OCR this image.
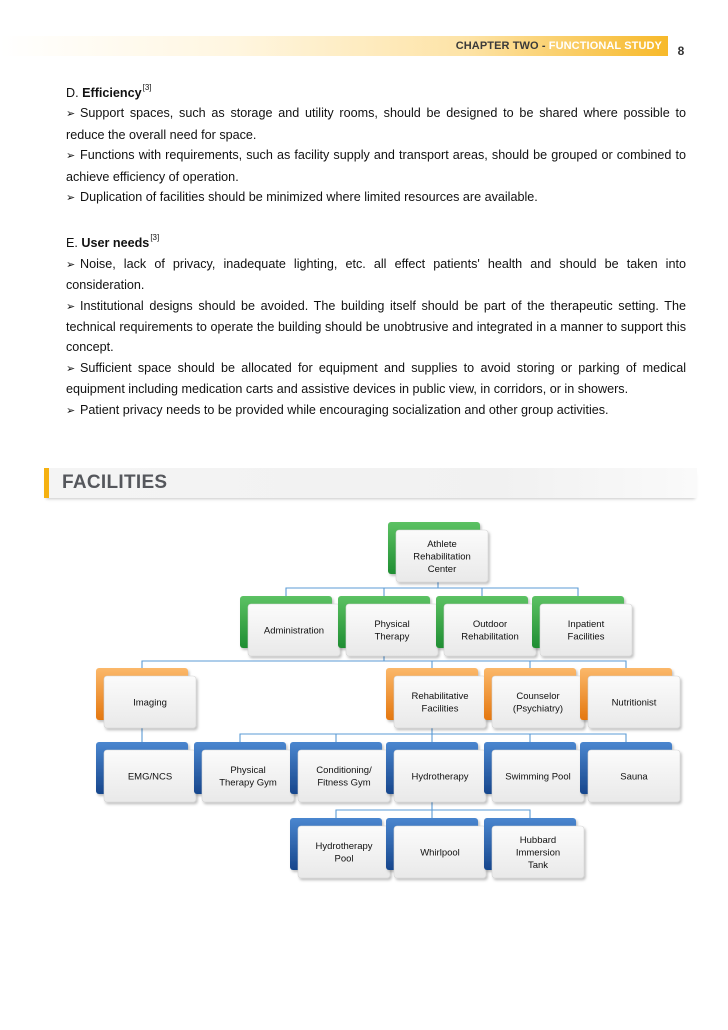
CHAPTER TWO - FUNCTIONAL STUDY	8

D. Efficiency[3]

➢ Support spaces, such as storage and utility rooms, should be designed to be shared where possible to reduce the overall need for space.

➢ Functions with requirements, such as facility supply and transport areas, should be grouped or combined to achieve efficiency of operation.

➢ Duplication of facilities should be minimized where limited resources are available.

E. User needs[3]

➢ Noise, lack of privacy, inadequate lighting, etc. all effect patients' health and should be taken into consideration.

➢ Institutional designs should be avoided. The building itself should be part of the therapeutic setting. The technical requirements to operate the building should be unobtrusive and integrated in a manner to support this concept.

➢ Sufficient space should be allocated for equipment and supplies to avoid storing or parking of medical equipment including medication carts and assistive devices in public view, in corridors, or in showers.

➢ Patient privacy needs to be provided while encouraging socialization and other group activities.

FACILITIES
Athlete
Rehabilitation
Center
Administration
Physical
Therapy
Outdoor
Rehabilitation
Inpatient
Facilities
Imaging
Rehabilitative
Facilities
Counselor
(Psychiatry)
Nutritionist
EMG/NCS
Physical
Therapy Gym
Conditioning/
Fitness Gym
Hydrotherapy	Swimming Pool	Sauna
Hydrotherapy
Pool
Whirlpool
Hubbard
Immersion
Tank
